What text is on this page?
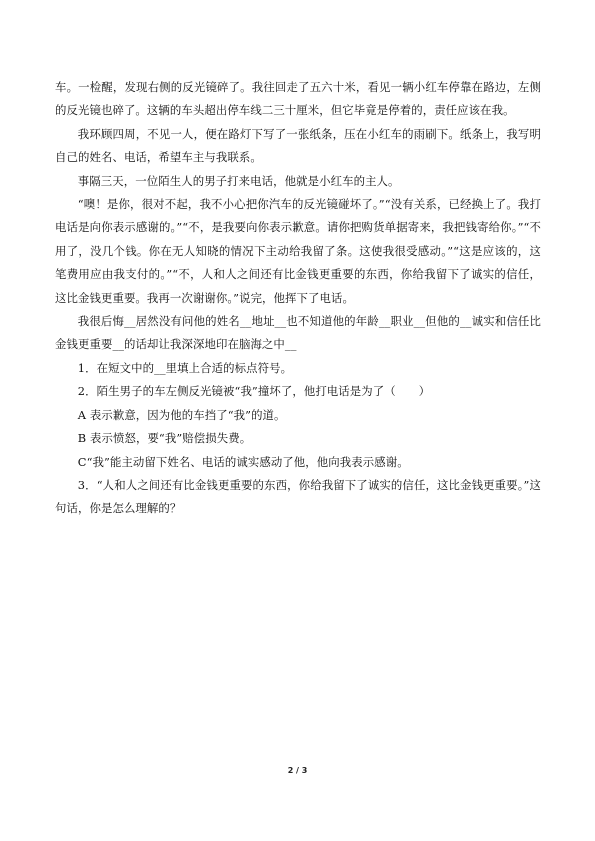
车。一检醒，发现右侧的反光镜碎了。我往回走了五六十米，看见一辆小红车停靠在路边，左侧的反光镜也碎了。这辆的车头超出停车线二三十厘米，但它毕竟是停着的，责任应该在我。

我环顾四周，不见一人，便在路灯下写了一张纸条，压在小红车的雨刷下。纸条上，我写明自己的姓名、电话，希望车主与我联系。

事隔三天，一位陌生人的男子打来电话，他就是小红车的主人。

“噢！是你，很对不起，我不小心把你汽车的反光镜碰坏了。”“没有关系，已经换上了。我打电话是向你表示感谢的。”“不，是我要向你表示歉意。请你把购货单据寄来，我把钱寄给你。”“不用了，没几个钱。你在无人知晓的情况下主动给我留了条。这使我很受感动。”“这是应该的，这笔费用应由我支付的。”“不，人和人之间还有比金钱更重要的东西，你给我留下了诚实的信任，这比金钱更重要。我再一次谢谢你。”说完，他挥下了电话。

我很后悔__居然没有问他的姓名__地址__也不知道他的年龄__职业__但他的__诚实和信任比金钱更重要__的话却让我深深地印在脑海之中__

1．在短文中的__里填上合适的标点符号。

2．陌生男子的车左侧反光镜被“我”撞坏了，他打电话是为了（　　）

A 表示歉意，因为他的车挡了“我”的道。

B 表示愤怒，要“我”赔偿损失费。

C“我”能主动留下姓名、电话的诚实感动了他，他向我表示感谢。

3．“人和人之间还有比金钱更重要的东西，你给我留下了诚实的信任，这比金钱更重要。”这句话，你是怎么理解的？

2 / 3
